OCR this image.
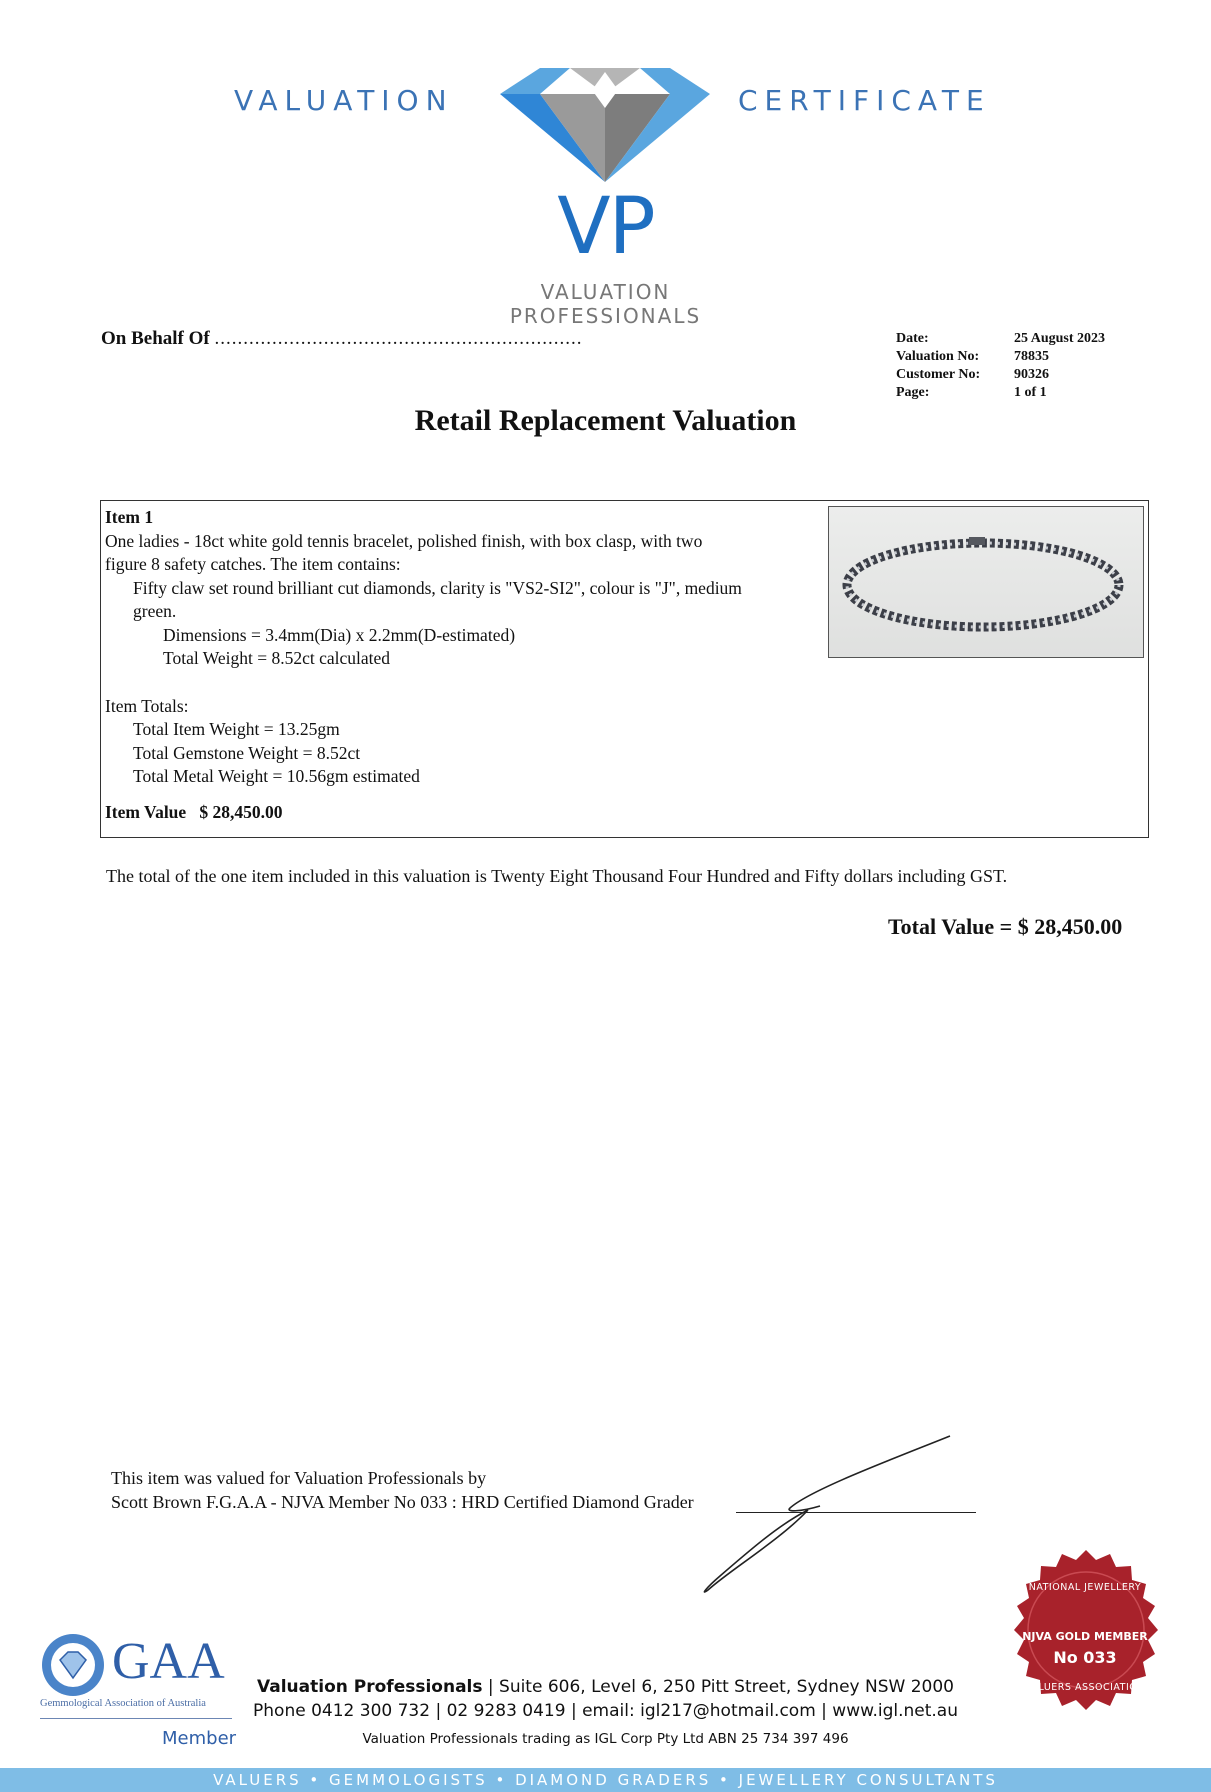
VALUATION	CERTIFICATE
VP
VALUATION
PROFESSIONALS
On Behalf Of ................................................................	Date:	25 August 2023
Valuation No:	78835
Customer No:	90326
Page:	1 of 1
Retail Replacement Valuation
Item 1
One ladies - 18ct white gold tennis bracelet, polished finish, with box clasp, with two
figure 8 safety catches. The item contains:
Fifty claw set round brilliant cut diamonds, clarity is "VS2-SI2", colour is "J", medium
green.
Dimensions = 3.4mm(Dia) x 2.2mm(D-estimated)
Total Weight = 8.52ct calculated
Item Totals:
Total Item Weight = 13.25gm
Total Gemstone Weight = 8.52ct
Total Metal Weight = 10.56gm estimated
Item Value $ 28,450.00
The total of the one item included in this valuation is Twenty Eight Thousand Four Hundred and Fifty dollars including GST.
Total Value = $ 28,450.00
This item was valued for Valuation Professionals by
Scott Brown F.G.A.A - NJVA Member No 033 : HRD Certified Diamond Grader
GAA
Gemmological Association of Australia
Member
Valuation Professionals | Suite 606, Level 6, 250 Pitt Street, Sydney NSW 2000
Phone 0412 300 732 | 02 9283 0419 | email: igl217@hotmail.com | www.igl.net.au
Valuation Professionals trading as IGL Corp Pty Ltd ABN 25 734 397 496
NATIONAL JEWELLERY
NJVA GOLD MEMBER
No 033
VALUERS ASSOCIATION
VALUERS • GEMMOLOGISTS • DIAMOND GRADERS • JEWELLERY CONSULTANTS
